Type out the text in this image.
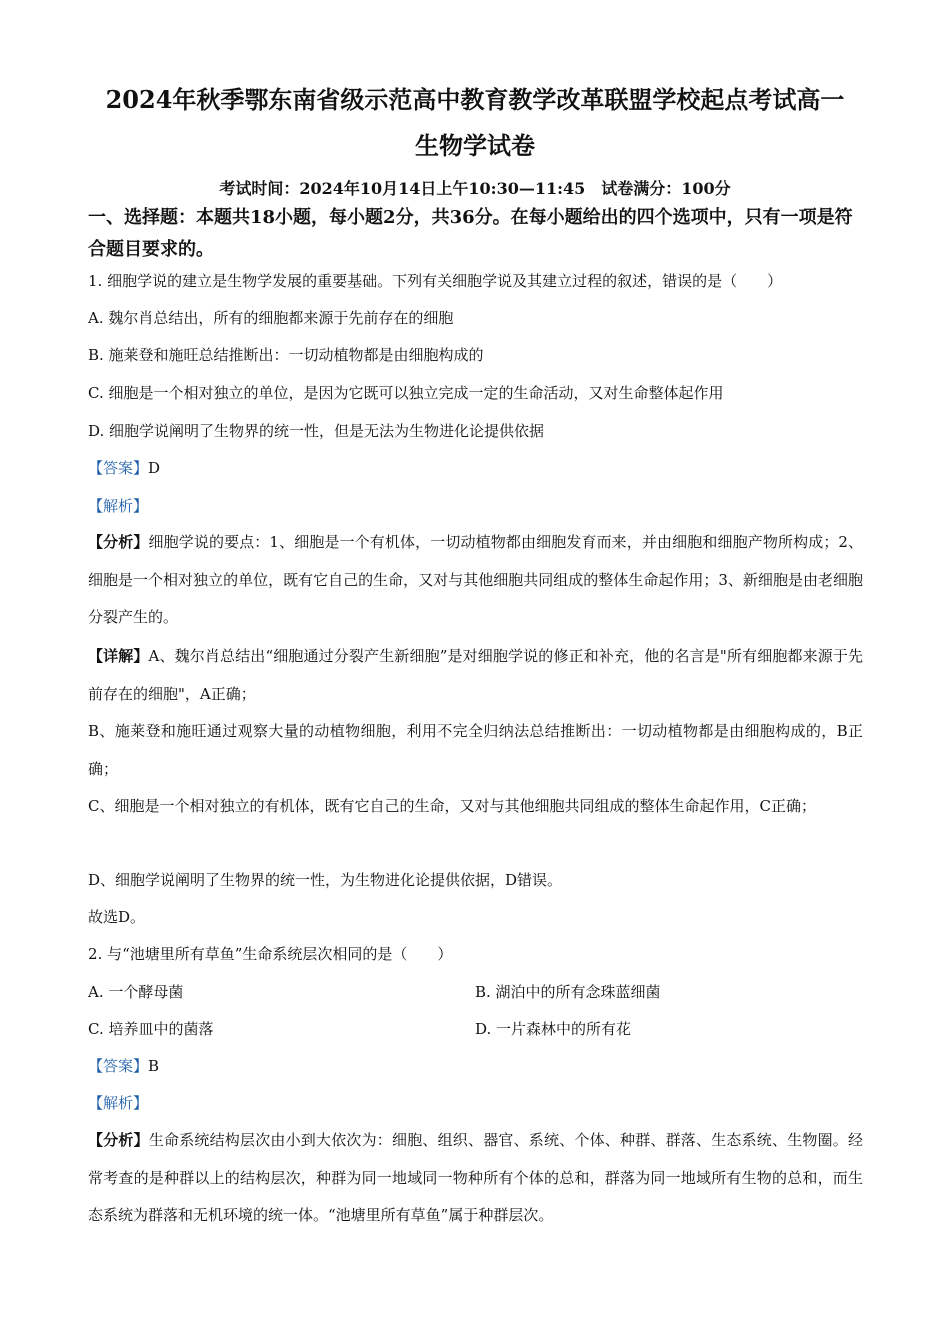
2024年秋季鄂东南省级示范高中教育教学改革联盟学校起点考试高一
生物学试卷
考试时间：2024年10月14日上午10:30—11:45　试卷满分：100分
一、选择题：本题共18小题，每小题2分，共36分。在每小题给出的四个选项中，只有一项是符合题目要求的。
1. 细胞学说的建立是生物学发展的重要基础。下列有关细胞学说及其建立过程的叙述，错误的是（　　）
A. 魏尔肖总结出，所有的细胞都来源于先前存在的细胞
B. 施莱登和施旺总结推断出：一切动植物都是由细胞构成的
C. 细胞是一个相对独立的单位，是因为它既可以独立完成一定的生命活动，又对生命整体起作用
D. 细胞学说阐明了生物界的统一性，但是无法为生物进化论提供依据
【答案】D
【解析】
【分析】细胞学说的要点：1、细胞是一个有机体，一切动植物都由细胞发育而来，并由细胞和细胞产物所构成；2、细胞是一个相对独立的单位，既有它自己的生命，又对与其他细胞共同组成的整体生命起作用；3、新细胞是由老细胞分裂产生的。
【详解】A、魏尔肖总结出“细胞通过分裂产生新细胞”是对细胞学说的修正和补充，他的名言是"所有细胞都来源于先前存在的细胞"，A正确；
B、施莱登和施旺通过观察大量的动植物细胞，利用不完全归纳法总结推断出：一切动植物都是由细胞构成的，B正确；
C、细胞是一个相对独立的有机体，既有它自己的生命，又对与其他细胞共同组成的整体生命起作用，C正确；
D、细胞学说阐明了生物界的统一性，为生物进化论提供依据，D错误。
故选D。
2. 与“池塘里所有草鱼”生命系统层次相同的是（　　）
A. 一个酵母菌	B. 湖泊中的所有念珠蓝细菌
C. 培养皿中的菌落	D. 一片森林中的所有花
【答案】B
【解析】
【分析】生命系统结构层次由小到大依次为：细胞、组织、器官、系统、个体、种群、群落、生态系统、生物圈。经常考查的是种群以上的结构层次，种群为同一地域同一物种所有个体的总和，群落为同一地域所有生物的总和，而生态系统为群落和无机环境的统一体。“池塘里所有草鱼”属于种群层次。
